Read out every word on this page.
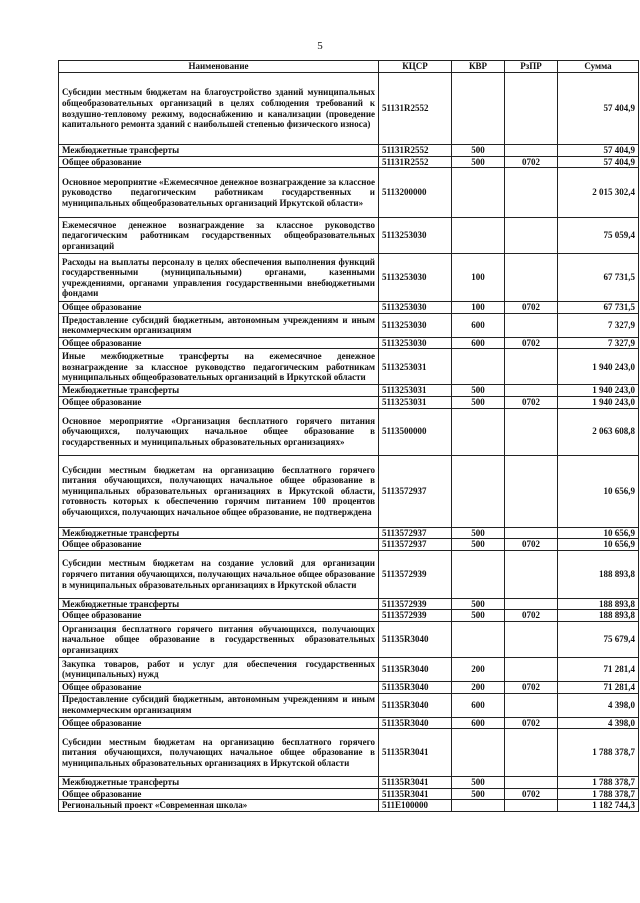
5
Наименование	КЦСР	КВР	РзПР	Сумма
Субсидии местным бюджетам на благоустройство зданий муниципальных общеобразовательных организаций в целях соблюдения требований к воздушно-тепловому режиму, водоснабжению и канализации (проведение капитального ремонта зданий с наибольшей степенью физического износа)	51131R2552			57 404,9
Межбюджетные трансферты	51131R2552	500		57 404,9
Общее образование	51131R2552	500	0702	57 404,9
Основное мероприятие «Ежемесячное денежное вознаграждение за классное руководство педагогическим работникам государственных и муниципальных общеобразовательных организаций Иркутской области»	5113200000			2 015 302,4
Ежемесячное денежное вознаграждение за классное руководство педагогическим работникам государственных общеобразовательных организаций	5113253030			75 059,4
Расходы на выплаты персоналу в целях обеспечения выполнения функций государственными (муниципальными) органами, казенными учреждениями, органами управления государственными внебюджетными фондами	5113253030	100		67 731,5
Общее образование	5113253030	100	0702	67 731,5
Предоставление субсидий бюджетным, автономным учреждениям и иным некоммерческим организациям	5113253030	600		7 327,9
Общее образование	5113253030	600	0702	7 327,9
Иные межбюджетные трансферты на ежемесячное денежное вознаграждение за классное руководство педагогическим работникам муниципальных общеобразовательных организаций в Иркутской области	5113253031			1 940 243,0
Межбюджетные трансферты	5113253031	500		1 940 243,0
Общее образование	5113253031	500	0702	1 940 243,0
Основное мероприятие «Организация бесплатного горячего питания обучающихся, получающих начальное общее образование в государственных и муниципальных образовательных организациях»	5113500000			2 063 608,8
Субсидии местным бюджетам на организацию бесплатного горячего питания обучающихся, получающих начальное общее образование в муниципальных образовательных организациях в Иркутской области, готовность которых к обеспечению горячим питанием 100 процентов обучающихся, получающих начальное общее образование, не подтверждена	5113572937			10 656,9
Межбюджетные трансферты	5113572937	500		10 656,9
Общее образование	5113572937	500	0702	10 656,9
Субсидии местным бюджетам на создание условий для организации горячего питания обучающихся, получающих начальное общее образование в муниципальных образовательных организациях в Иркутской области	5113572939			188 893,8
Межбюджетные трансферты	5113572939	500		188 893,8
Общее образование	5113572939	500	0702	188 893,8
Организация бесплатного горячего питания обучающихся, получающих начальное общее образование в государственных образовательных организациях	51135R3040			75 679,4
Закупка товаров, работ и услуг для обеспечения государственных (муниципальных) нужд	51135R3040	200		71 281,4
Общее образование	51135R3040	200	0702	71 281,4
Предоставление субсидий бюджетным, автономным учреждениям и иным некоммерческим организациям	51135R3040	600		4 398,0
Общее образование	51135R3040	600	0702	4 398,0
Субсидии местным бюджетам на организацию бесплатного горячего питания обучающихся, получающих начальное общее образование в муниципальных образовательных организациях в Иркутской области	51135R3041			1 788 378,7
Межбюджетные трансферты	51135R3041	500		1 788 378,7
Общее образование	51135R3041	500	0702	1 788 378,7
Региональный проект «Современная школа»	511E100000			1 182 744,3
